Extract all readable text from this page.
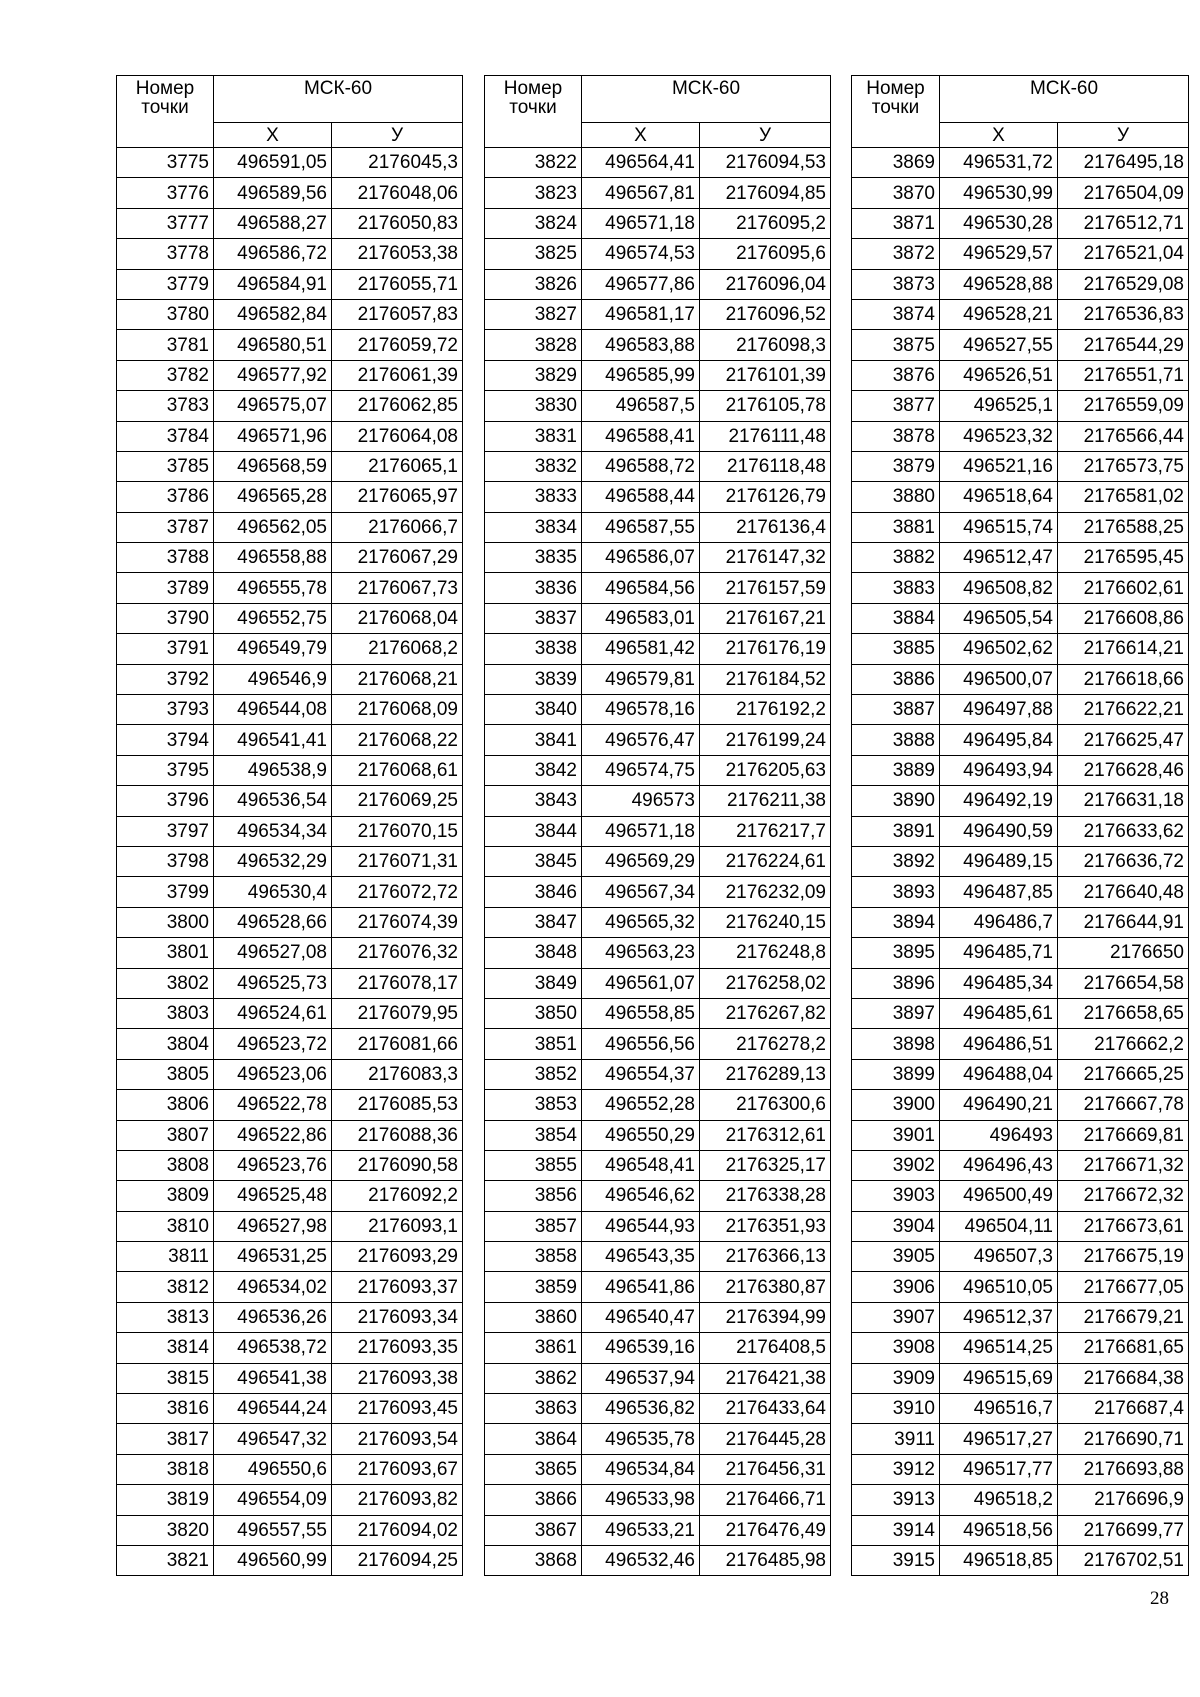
Номер точки	МСК-60	
	Х	У
3775	496591,05	2176045,3
3776	496589,56	2176048,06
3777	496588,27	2176050,83
3778	496586,72	2176053,38
3779	496584,91	2176055,71
3780	496582,84	2176057,83
3781	496580,51	2176059,72
3782	496577,92	2176061,39
3783	496575,07	2176062,85
3784	496571,96	2176064,08
3785	496568,59	2176065,1
3786	496565,28	2176065,97
3787	496562,05	2176066,7
3788	496558,88	2176067,29
3789	496555,78	2176067,73
3790	496552,75	2176068,04
3791	496549,79	2176068,2
3792	496546,9	2176068,21
3793	496544,08	2176068,09
3794	496541,41	2176068,22
3795	496538,9	2176068,61
3796	496536,54	2176069,25
3797	496534,34	2176070,15
3798	496532,29	2176071,31
3799	496530,4	2176072,72
3800	496528,66	2176074,39
3801	496527,08	2176076,32
3802	496525,73	2176078,17
3803	496524,61	2176079,95
3804	496523,72	2176081,66
3805	496523,06	2176083,3
3806	496522,78	2176085,53
3807	496522,86	2176088,36
3808	496523,76	2176090,58
3809	496525,48	2176092,2
3810	496527,98	2176093,1
3811	496531,25	2176093,29
3812	496534,02	2176093,37
3813	496536,26	2176093,34
3814	496538,72	2176093,35
3815	496541,38	2176093,38
3816	496544,24	2176093,45
3817	496547,32	2176093,54
3818	496550,6	2176093,67
3819	496554,09	2176093,82
3820	496557,55	2176094,02
3821	496560,99	2176094,25
Номер точки	МСК-60	
	Х	У
3822	496564,41	2176094,53
3823	496567,81	2176094,85
3824	496571,18	2176095,2
3825	496574,53	2176095,6
3826	496577,86	2176096,04
3827	496581,17	2176096,52
3828	496583,88	2176098,3
3829	496585,99	2176101,39
3830	496587,5	2176105,78
3831	496588,41	2176111,48
3832	496588,72	2176118,48
3833	496588,44	2176126,79
3834	496587,55	2176136,4
3835	496586,07	2176147,32
3836	496584,56	2176157,59
3837	496583,01	2176167,21
3838	496581,42	2176176,19
3839	496579,81	2176184,52
3840	496578,16	2176192,2
3841	496576,47	2176199,24
3842	496574,75	2176205,63
3843	496573	2176211,38
3844	496571,18	2176217,7
3845	496569,29	2176224,61
3846	496567,34	2176232,09
3847	496565,32	2176240,15
3848	496563,23	2176248,8
3849	496561,07	2176258,02
3850	496558,85	2176267,82
3851	496556,56	2176278,2
3852	496554,37	2176289,13
3853	496552,28	2176300,6
3854	496550,29	2176312,61
3855	496548,41	2176325,17
3856	496546,62	2176338,28
3857	496544,93	2176351,93
3858	496543,35	2176366,13
3859	496541,86	2176380,87
3860	496540,47	2176394,99
3861	496539,16	2176408,5
3862	496537,94	2176421,38
3863	496536,82	2176433,64
3864	496535,78	2176445,28
3865	496534,84	2176456,31
3866	496533,98	2176466,71
3867	496533,21	2176476,49
3868	496532,46	2176485,98
Номер точки	МСК-60	
	Х	У
3869	496531,72	2176495,18
3870	496530,99	2176504,09
3871	496530,28	2176512,71
3872	496529,57	2176521,04
3873	496528,88	2176529,08
3874	496528,21	2176536,83
3875	496527,55	2176544,29
3876	496526,51	2176551,71
3877	496525,1	2176559,09
3878	496523,32	2176566,44
3879	496521,16	2176573,75
3880	496518,64	2176581,02
3881	496515,74	2176588,25
3882	496512,47	2176595,45
3883	496508,82	2176602,61
3884	496505,54	2176608,86
3885	496502,62	2176614,21
3886	496500,07	2176618,66
3887	496497,88	2176622,21
3888	496495,84	2176625,47
3889	496493,94	2176628,46
3890	496492,19	2176631,18
3891	496490,59	2176633,62
3892	496489,15	2176636,72
3893	496487,85	2176640,48
3894	496486,7	2176644,91
3895	496485,71	2176650
3896	496485,34	2176654,58
3897	496485,61	2176658,65
3898	496486,51	2176662,2
3899	496488,04	2176665,25
3900	496490,21	2176667,78
3901	496493	2176669,81
3902	496496,43	2176671,32
3903	496500,49	2176672,32
3904	496504,11	2176673,61
3905	496507,3	2176675,19
3906	496510,05	2176677,05
3907	496512,37	2176679,21
3908	496514,25	2176681,65
3909	496515,69	2176684,38
3910	496516,7	2176687,4
3911	496517,27	2176690,71
3912	496517,77	2176693,88
3913	496518,2	2176696,9
3914	496518,56	2176699,77
3915	496518,85	2176702,51
28
